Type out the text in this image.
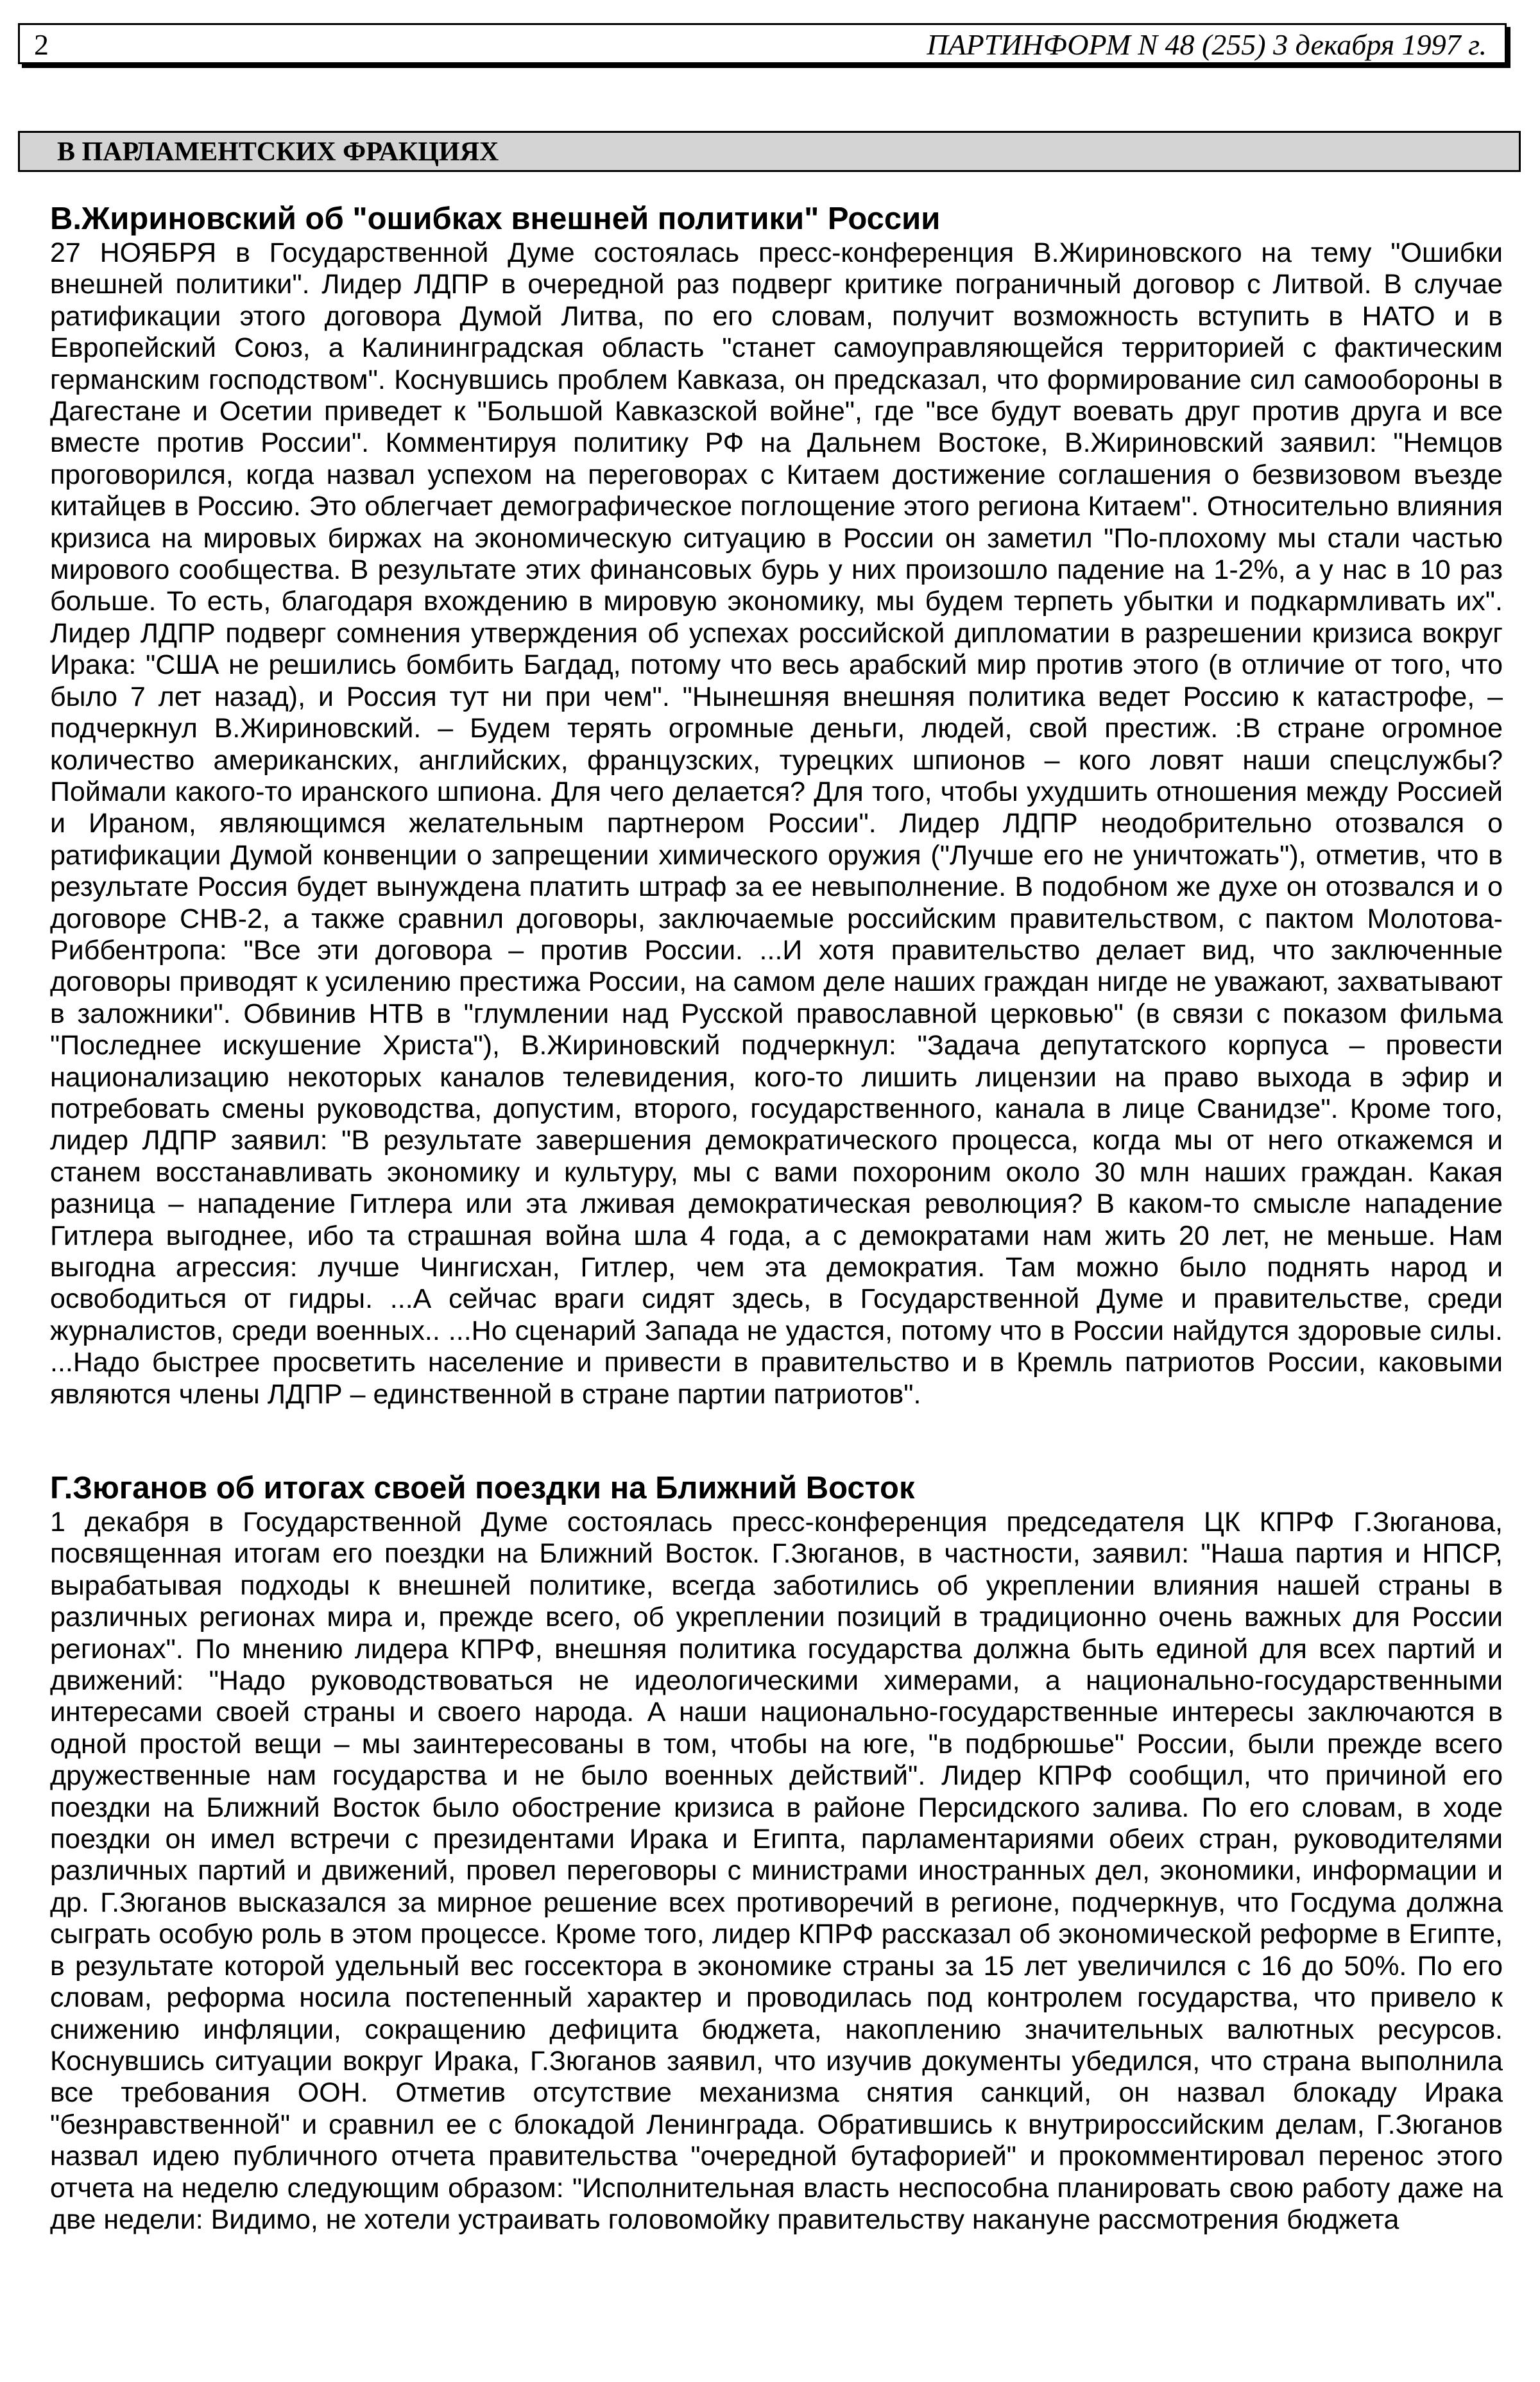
2	ПАРТИНФОРМ N 48 (255) 3 декабря 1997 г.
В ПАРЛАМЕНТСКИХ ФРАКЦИЯХ

В.Жириновский об "ошибках внешней политики" России

27 НОЯБРЯ в Государственной Думе состоялась пресс-конференция В.Жириновского на тему "Ошибки внешней политики". Лидер ЛДПР в очередной раз подверг критике пограничный договор с Литвой. В случае ратификации этого договора Думой Литва, по его словам, получит возможность вступить в НАТО и в Европейский Союз, а Калининградская область "станет самоуправляющейся территорией с фактическим германским господством". Коснувшись проблем Кавказа, он предсказал, что формирование сил самообороны в Дагестане и Осетии приведет к "Большой Кавказской войне", где "все будут воевать друг против друга и все вместе против России". Комментируя политику РФ на Дальнем Востоке, В.Жириновский заявил: "Немцов проговорился, когда назвал успехом на переговорах с Китаем достижение соглашения о безвизовом въезде китайцев в Россию. Это облегчает демографическое поглощение этого региона Китаем". Относительно влияния кризиса на мировых биржах на экономическую ситуацию в России он заметил "По-плохому мы стали частью мирового сообщества. В результате этих финансовых бурь у них произошло падение на 1-2%, а у нас в 10 раз больше. То есть, благодаря вхождению в мировую экономику, мы будем терпеть убытки и подкармливать их". Лидер ЛДПР подверг сомнения утверждения об успехах российской дипломатии в разрешении кризиса вокруг Ирака: "США не решились бомбить Багдад, потому что весь арабский мир против этого (в отличие от того, что было 7 лет назад), и Россия тут ни при чем". "Нынешняя внешняя политика ведет Россию к катастрофе, – подчеркнул В.Жириновский. – Будем терять огромные деньги, людей, свой престиж. :В стране огромное количество американских, английских, французских, турецких шпионов – кого ловят наши спецслужбы? Поймали какого-то иранского шпиона. Для чего делается? Для того, чтобы ухудшить отношения между Россией и Ираном, являющимся желательным партнером России". Лидер ЛДПР неодобрительно отозвался о ратификации Думой конвенции о запрещении химического оружия ("Лучше его не уничтожать"), отметив, что в результате Россия будет вынуждена платить штраф за ее невыполнение. В подобном же духе он отозвался и о договоре СНВ-2, а также сравнил договоры, заключаемые российским правительством, с пактом Молотова-Риббентропа: "Все эти договора – против России. ...И хотя правительство делает вид, что заключенные договоры приводят к усилению престижа России, на самом деле наших граждан нигде не уважают, захватывают в заложники". Обвинив НТВ в "глумлении над Русской православной церковью" (в связи с показом фильма "Последнее искушение Христа"), В.Жириновский подчеркнул: "Задача депутатского корпуса – провести национализацию некоторых каналов телевидения, кого-то лишить лицензии на право выхода в эфир и потребовать смены руководства, допустим, второго, государственного, канала в лице Сванидзе". Кроме того, лидер ЛДПР заявил: "В результате завершения демократического процесса, когда мы от него откажемся и станем восстанавливать экономику и культуру, мы с вами похороним около 30 млн наших граждан. Какая разница – нападение Гитлера или эта лживая демократическая революция? В каком-то смысле нападение Гитлера выгоднее, ибо та страшная война шла 4 года, а с демократами нам жить 20 лет, не меньше. Нам выгодна агрессия: лучше Чингисхан, Гитлер, чем эта демократия. Там можно было поднять народ и освободиться от гидры. ...А сейчас враги сидят здесь, в Государственной Думе и правительстве, среди журналистов, среди военных.. ...Но сценарий Запада не удастся, потому что в России найдутся здоровые силы. ...Надо быстрее просветить население и привести в правительство и в Кремль патриотов России, каковыми являются члены ЛДПР – единственной в стране партии патриотов".

Г.Зюганов об итогах своей поездки на Ближний Восток

1 декабря в Государственной Думе состоялась пресс-конференция председателя ЦК КПРФ Г.Зюганова, посвященная итогам его поездки на Ближний Восток. Г.Зюганов, в частности, заявил: "Наша партия и НПСР, вырабатывая подходы к внешней политике, всегда заботились об укреплении влияния нашей страны в различных регионах мира и, прежде всего, об укреплении позиций в традиционно очень важных для России регионах". По мнению лидера КПРФ, внешняя политика государства должна быть единой для всех партий и движений: "Надо руководствоваться не идеологическими химерами, а национально-государственными интересами своей страны и своего народа. А наши национально-государственные интересы заключаются в одной простой вещи – мы заинтересованы в том, чтобы на юге, "в подбрюшье" России, были прежде всего дружественные нам государства и не было военных действий". Лидер КПРФ сообщил, что причиной его поездки на Ближний Восток было обострение кризиса в районе Персидского залива. По его словам, в ходе поездки он имел встречи с президентами Ирака и Египта, парламентариями обеих стран, руководителями различных партий и движений, провел переговоры с министрами иностранных дел, экономики, информации и др. Г.Зюганов высказался за мирное решение всех противоречий в регионе, подчеркнув, что Госдума должна сыграть особую роль в этом процессе. Кроме того, лидер КПРФ рассказал об экономической реформе в Египте, в результате которой удельный вес госсектора в экономике страны за 15 лет увеличился с 16 до 50%. По его словам, реформа носила постепенный характер и проводилась под контролем государства, что привело к снижению инфляции, сокращению дефицита бюджета, накоплению значительных валютных ресурсов. Коснувшись ситуации вокруг Ирака, Г.Зюганов заявил, что изучив документы убедился, что страна выполнила все требования ООН. Отметив отсутствие механизма снятия санкций, он назвал блокаду Ирака "безнравственной" и сравнил ее с блокадой Ленинграда. Обратившись к внутрироссийским делам, Г.Зюганов назвал идею публичного отчета правительства "очередной бутафорией" и прокомментировал перенос этого отчета на неделю следующим образом: "Исполнительная власть неспособна планировать свою работу даже на две недели: Видимо, не хотели устраивать головомойку правительству накануне рассмотрения бюджета
